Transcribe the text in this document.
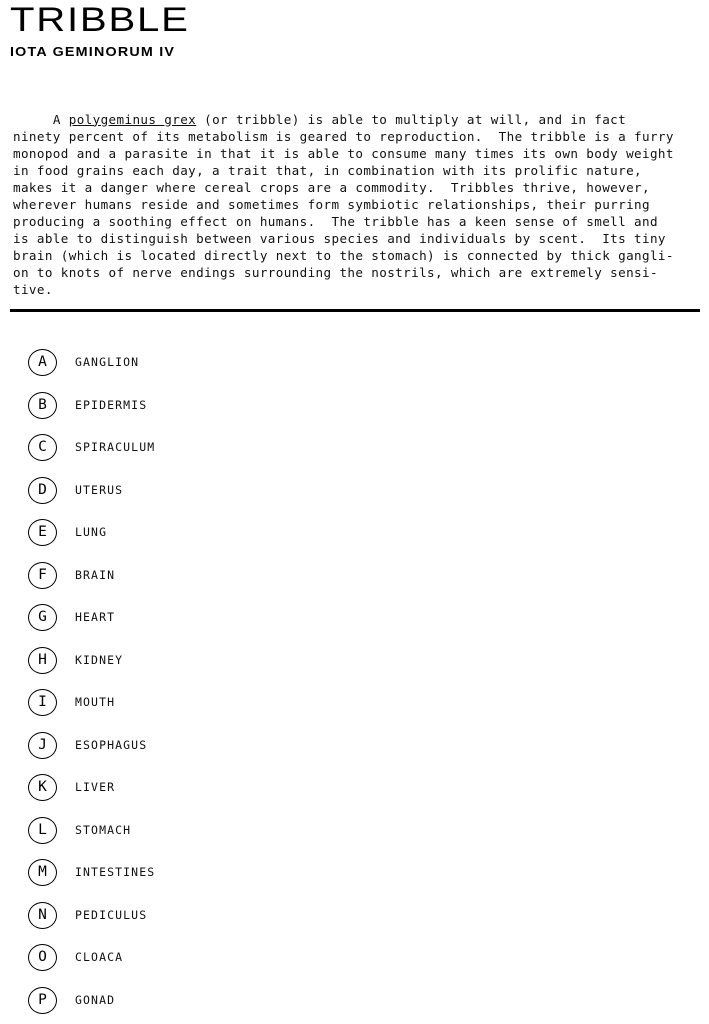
TRIBBLE
IOTA GEMINORUM IV

A polygeminus grex (or tribble) is able to multiply at will, and in fact
ninety percent of its metabolism is geared to reproduction.  The tribble is a furry
monopod and a parasite in that it is able to consume many times its own body weight
in food grains each day, a trait that, in combination with its prolific nature,
makes it a danger where cereal crops are a commodity.  Tribbles thrive, however,
wherever humans reside and sometimes form symbiotic relationships, their purring
producing a soothing effect on humans.  The tribble has a keen sense of smell and
is able to distinguish between various species and individuals by scent.  Its tiny
brain (which is located directly next to the stomach) is connected by thick gangli-
on to knots of nerve endings surrounding the nostrils, which are extremely sensi-
tive.

A	GANGLION
B	EPIDERMIS
C	SPIRACULUM
D	UTERUS
E	LUNG
F	BRAIN
G	HEART
H	KIDNEY
I	MOUTH
J	ESOPHAGUS
K	LIVER
L	STOMACH
M	INTESTINES
N	PEDICULUS
O	CLOACA
P	GONAD
